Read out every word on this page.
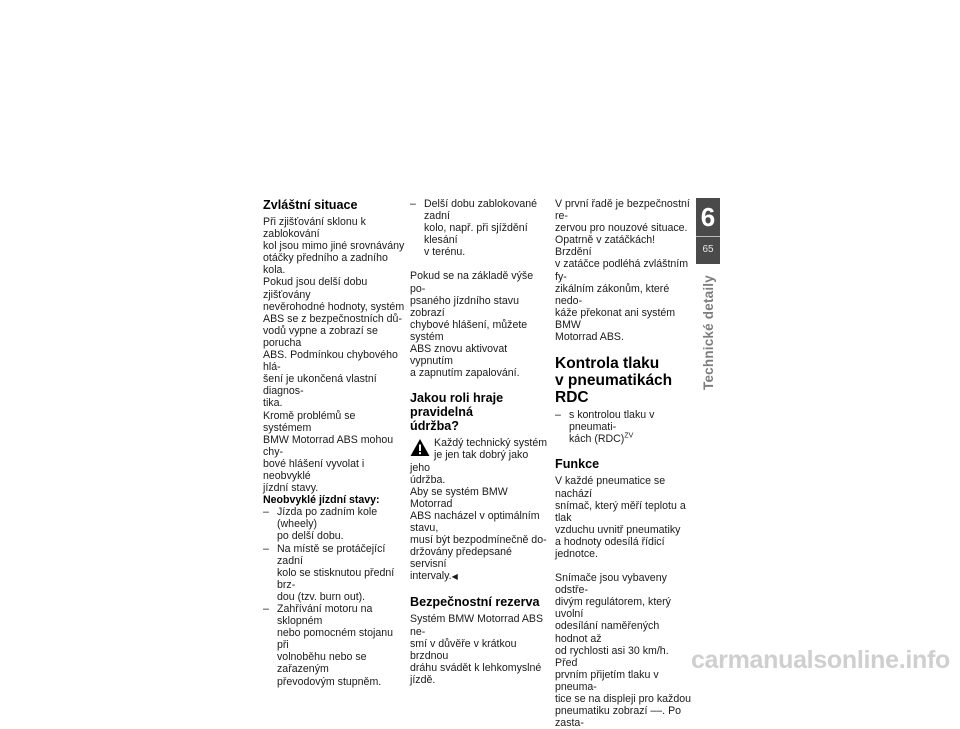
Zvláštní situace

Při zjišťování sklonu k zablokování
kol jsou mimo jiné srovnávány
otáčky předního a zadního kola.
Pokud jsou delší dobu zjišťovány
nevěrohodné hodnoty, systém
ABS se z bezpečnostních dů-
vodů vypne a zobrazí se porucha
ABS. Podmínkou chybového hlá-
šení je ukončená vlastní diagnos-
tika.

Kromě problémů se systémem
BMW Motorrad ABS mohou chy-
bové hlášení vyvolat i neobvyklé
jízdní stavy.

Neobvyklé jízdní stavy:

– Jízda po zadním kole (wheely)
po delší dobu.

– Na místě se protáčející zadní
kolo se stisknutou přední brz-
dou (tzv. burn out).

– Zahřívání motoru na sklopném
nebo pomocném stojanu při
volnoběhu nebo se zařazeným
převodovým stupněm.

– Delší dobu zablokované zadní
kolo, např. při sjíždění klesání
v terénu.

Pokud se na základě výše po-
psaného jízdního stavu zobrazí
chybové hlášení, můžete systém
ABS znovu aktivovat vypnutím
a zapnutím zapalování.

Jakou roli hraje pravidelná
údržba?
Každý technický systém
je jen tak dobrý jako jeho
údržba.

Aby se systém BMW Motorrad
ABS nacházel v optimálním stavu,
musí být bezpodmínečně do-
držovány předepsané servisní
intervaly.◀

Bezpečnostní rezerva

Systém BMW Motorrad ABS ne-
smí v důvěře v krátkou brzdnou
dráhu svádět k lehkomyslné jízdě.

V první řadě je bezpečnostní re-
zervou pro nouzové situace.
Opatrně v zatáčkách! Brzdění
v zatáčce podléhá zvláštním fy-
zikálním zákonům, které nedo-
káže překonat ani systém BMW
Motorrad ABS.

Kontrola tlaku
v pneumatikách RDC

– s kontrolou tlaku v pneumati-
kách (RDC)$^{ZV}$

Funkce

V každé pneumatice se nachází
snímač, který měří teplotu a tlak
vzduchu uvnitř pneumatiky
a hodnoty odesílá řídicí jednotce.

Snímače jsou vybaveny odstře-
divým regulátorem, který uvolní
odesílání naměřených hodnot až
od rychlosti asi 30 km/h. Před
prvním přijetím tlaku v pneuma-
tice se na displeji pro každou
pneumatiku zobrazí ––. Po zasta-

6
65
Technické detaily
carmanualsonline.info
